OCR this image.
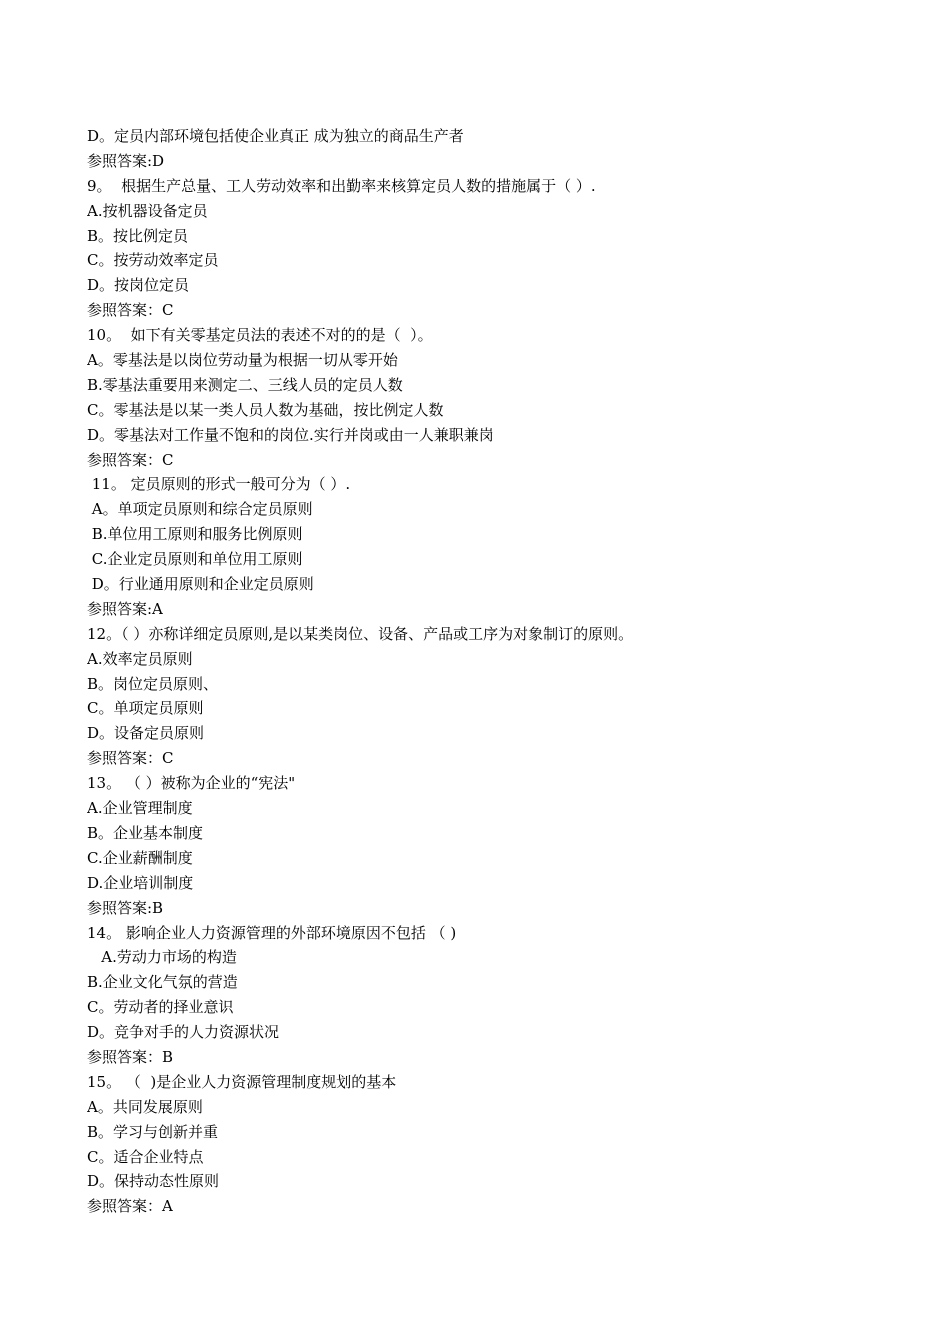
D。定员内部环境包括使企业真正 成为独立的商品生产者
参照答案:D
9。  根据生产总量、工人劳动效率和出勤率来核算定员人数的措施属于（ ）.
A.按机器设备定员
B。按比例定员
C。按劳动效率定员
D。按岗位定员
参照答案：C
10。  如下有关零基定员法的表述不对的的是（  ）。
A。零基法是以岗位劳动量为根据一切从零开始
B.零基法重要用来测定二、三线人员的定员人数
C。零基法是以某一类人员人数为基础，按比例定人数
D。零基法对工作量不饱和的岗位.实行并岗或由一人兼职兼岗
参照答案：C
11。 定员原则的形式一般可分为（ ）.
A。单项定员原则和综合定员原则
B.单位用工原则和服务比例原则
C.企业定员原则和单位用工原则
D。行业通用原则和企业定员原则
参照答案:A
12。（ ）亦称详细定员原则,是以某类岗位、设备、产品或工序为对象制订的原则。
A.效率定员原则
B。岗位定员原则、
C。单项定员原则
D。设备定员原则
参照答案：C
13。 （ ）被称为企业的“宪法"
A.企业管理制度
B。企业基本制度
C.企业薪酬制度
D.企业培训制度
参照答案:B
14。 影响企业人力资源管理的外部环境原因不包括 （ )
A.劳动力市场的构造
B.企业文化气氛的营造
C。劳动者的择业意识
D。竞争对手的人力资源状况
参照答案：B
15。 （  )是企业人力资源管理制度规划的基本
A。共同发展原则
B。学习与创新并重
C。适合企业特点
D。保持动态性原则
参照答案：A
